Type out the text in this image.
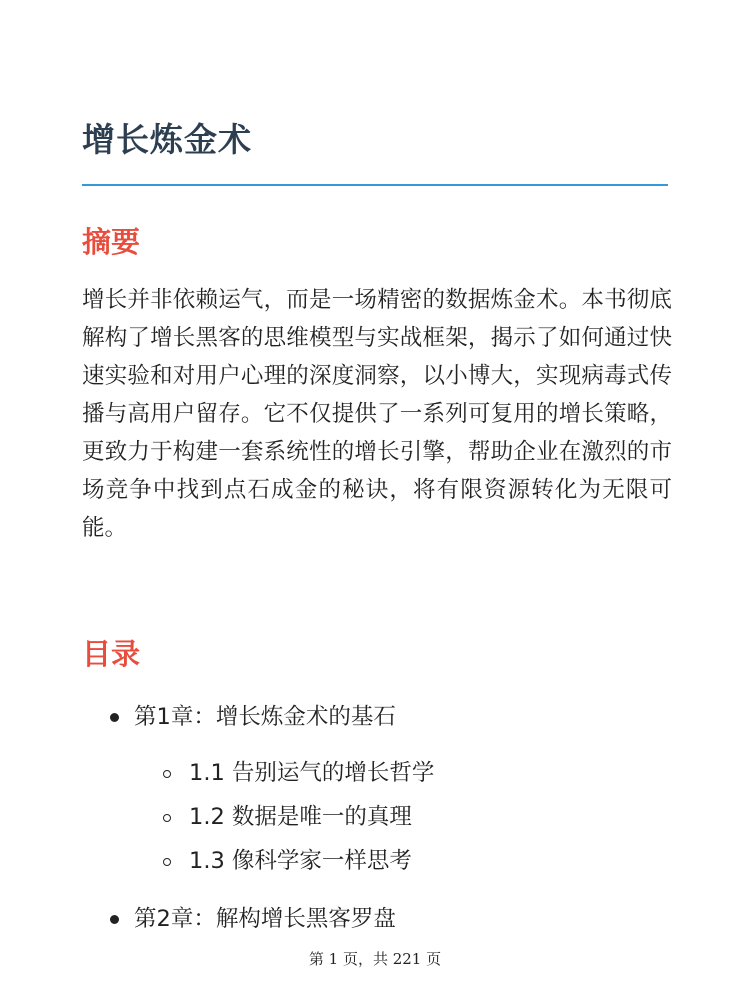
增长炼金术
摘要

增长并非依赖运气，而是一场精密的数据炼金术。本书彻底解构了增长黑客的思维模型与实战框架，揭示了如何通过快速实验和对用户心理的深度洞察，以小博大，实现病毒式传播与高用户留存。它不仅提供了一系列可复用的增长策略，更致力于构建一套系统性的增长引擎，帮助企业在激烈的市场竞争中找到点石成金的秘诀，将有限资源转化为无限可能。

目录
第1章：增长炼金术的基石
1.1 告别运气的增长哲学
1.2 数据是唯一的真理
1.3 像科学家一样思考
第2章：解构增长黑客罗盘
第 1 页，共 221 页
